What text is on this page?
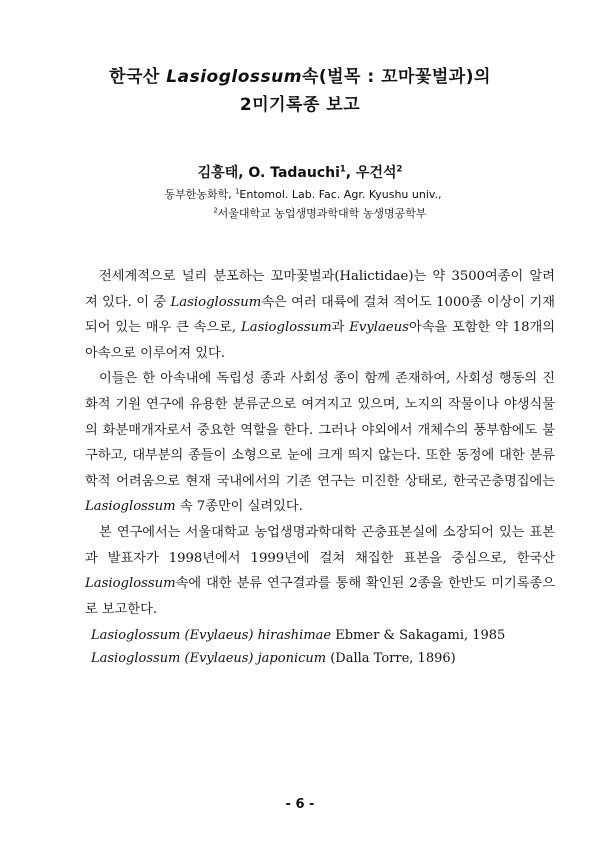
한국산 Lasioglossum속(벌목 : 꼬마꽃벌과)의
2미기록종 보고
김흥태, O. Tadauchi$^1$, 우건석$^2$
동부한농화학, $^1$Entomol. Lab. Fac. Agr. Kyushu univ.,
$^2$서울대학교 농업생명과학대학 농생명공학부

전세계적으로 널리 분포하는 꼬마꽃벌과(Halictidae)는 약 3500여종이 알려져 있다. 이 중 Lasioglossum속은 여러 대륙에 걸쳐 적어도 1000종 이상이 기재되어 있는 매우 큰 속으로, Lasioglossum과 Evylaeus아속을 포함한 약 18개의 아속으로 이루어져 있다.

이들은 한 아속내에 독립성 종과 사회성 종이 함께 존재하여, 사회성 행동의 진화적 기원 연구에 유용한 분류군으로 여겨지고 있으며, 노지의 작물이나 야생식물의 화분매개자로서 중요한 역할을 한다. 그러나 야외에서 개체수의 풍부함에도 불구하고, 대부분의 종들이 소형으로 눈에 크게 띄지 않는다. 또한 동정에 대한 분류학적 어려움으로 현재 국내에서의 기존 연구는 미진한 상태로, 한국곤충명집에는 Lasioglossum 속 7종만이 실려있다.

본 연구에서는 서울대학교 농업생명과학대학 곤충표본실에 소장되어 있는 표본과 발표자가 1998년에서 1999년에 걸쳐 채집한 표본을 중심으로, 한국산 Lasioglossum속에 대한 분류 연구결과를 통해 확인된 2종을 한반도 미기록종으로 보고한다.

Lasioglossum (Evylaeus) hirashimae Ebmer & Sakagami, 1985
Lasioglossum (Evylaeus) japonicum (Dalla Torre, 1896)
- 6 -
